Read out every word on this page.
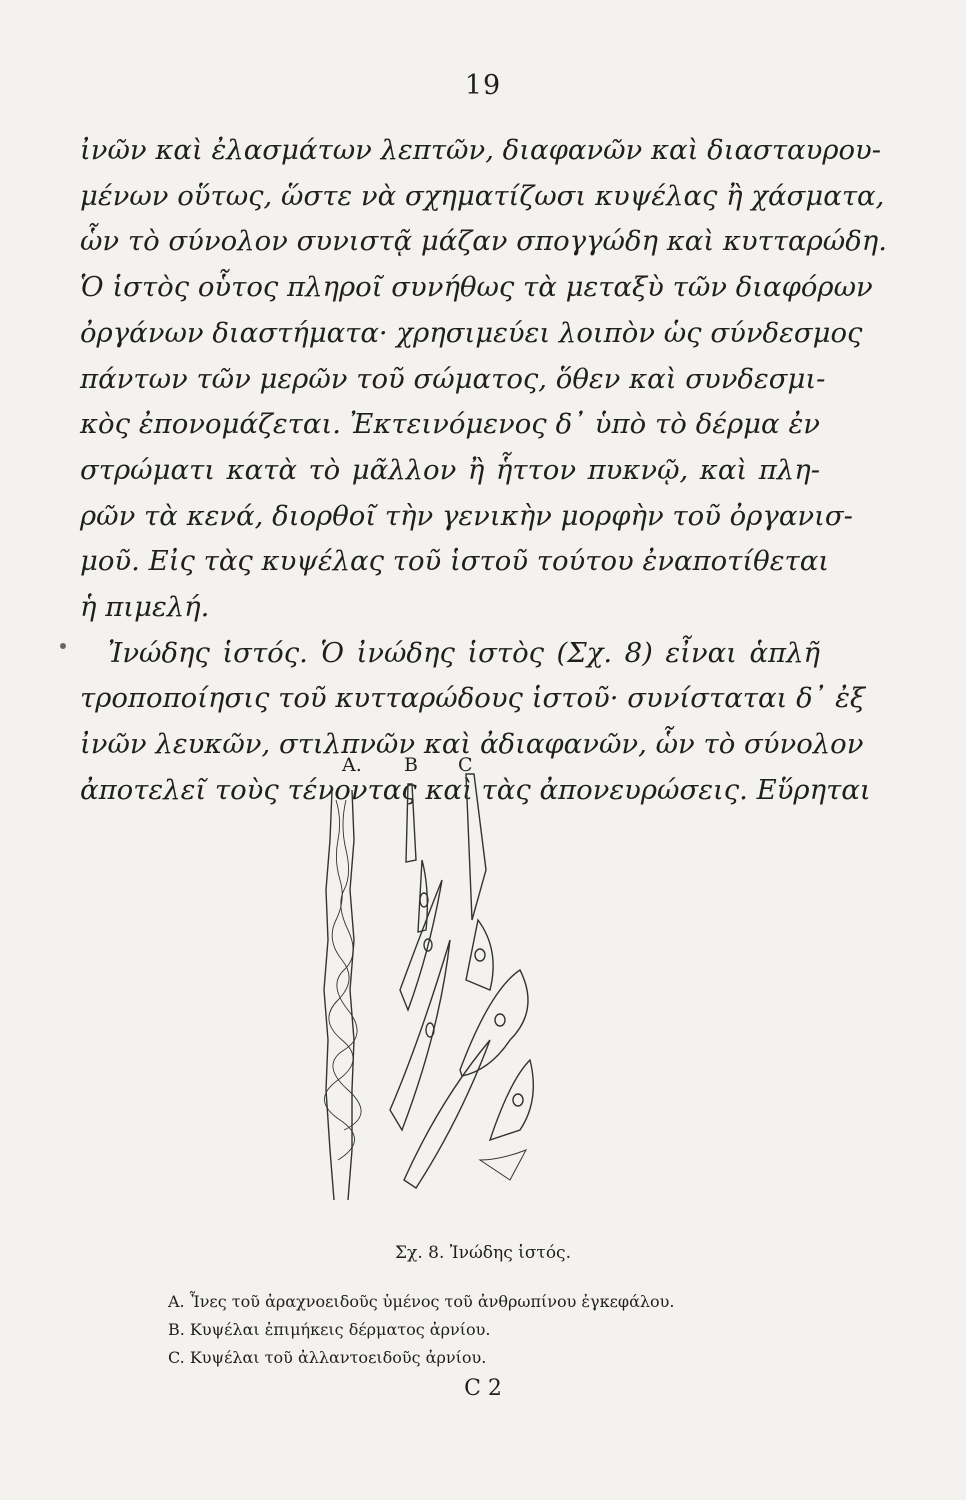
19
ἰνῶν καὶ ἐλασμάτων λεπτῶν, διαφανῶν καὶ διασταυρου-
μένων οὕτως, ὥστε νὰ σχηματίζωσι κυψέλας ἢ χάσματα,
ὧν τὸ σύνολον συνιστᾷ μάζαν σπογγώδη καὶ κυτταρώδη.
Ὁ ἱστὸς οὗτος πληροῖ συνήθως τὰ μεταξὺ τῶν διαφόρων
ὀργάνων διαστήματα· χρησιμεύει λοιπὸν ὡς σύνδεσμος
πάντων τῶν μερῶν τοῦ σώματος, ὅθεν καὶ συνδεσμι-
κὸς ἐπονομάζεται. Ἐκτεινόμενος δ᾽ ὑπὸ τὸ δέρμα ἐν
στρώματι κατὰ τὸ μᾶλλον ἢ ἧττον πυκνῷ, καὶ πλη-
ρῶν τὰ κενά, διορθοῖ τὴν γενικὴν μορφὴν τοῦ ὀργανισ-
μοῦ. Εἰς τὰς κυψέλας τοῦ ἱστοῦ τούτου ἐναποτίθεται
ἡ πιμελή.
Ἰνώδης ἱστός. Ὁ ἰνώδης ἱστὸς (Σχ. 8) εἶναι ἁπλῆ
τροποποίησις τοῦ κυτταρώδους ἱστοῦ· συνίσταται δ᾽ ἐξ
ἰνῶν λευκῶν, στιλπνῶν καὶ ἀδιαφανῶν, ὧν τὸ σύνολον
ἀποτελεῖ τοὺς τένοντας καὶ τὰς ἀπονευρώσεις. Εὕρηται
A. B C
Σχ. 8. Ἰνώδης ἱστός.
A. Ἶνες τοῦ ἀραχνοειδοῦς ὑμένος τοῦ ἀνθρωπίνου ἐγκεφάλου.
B. Κυψέλαι ἐπιμήκεις δέρματος ἀρνίου.
C. Κυψέλαι τοῦ ἀλλαντοειδοῦς ἀρνίου.
C 2
